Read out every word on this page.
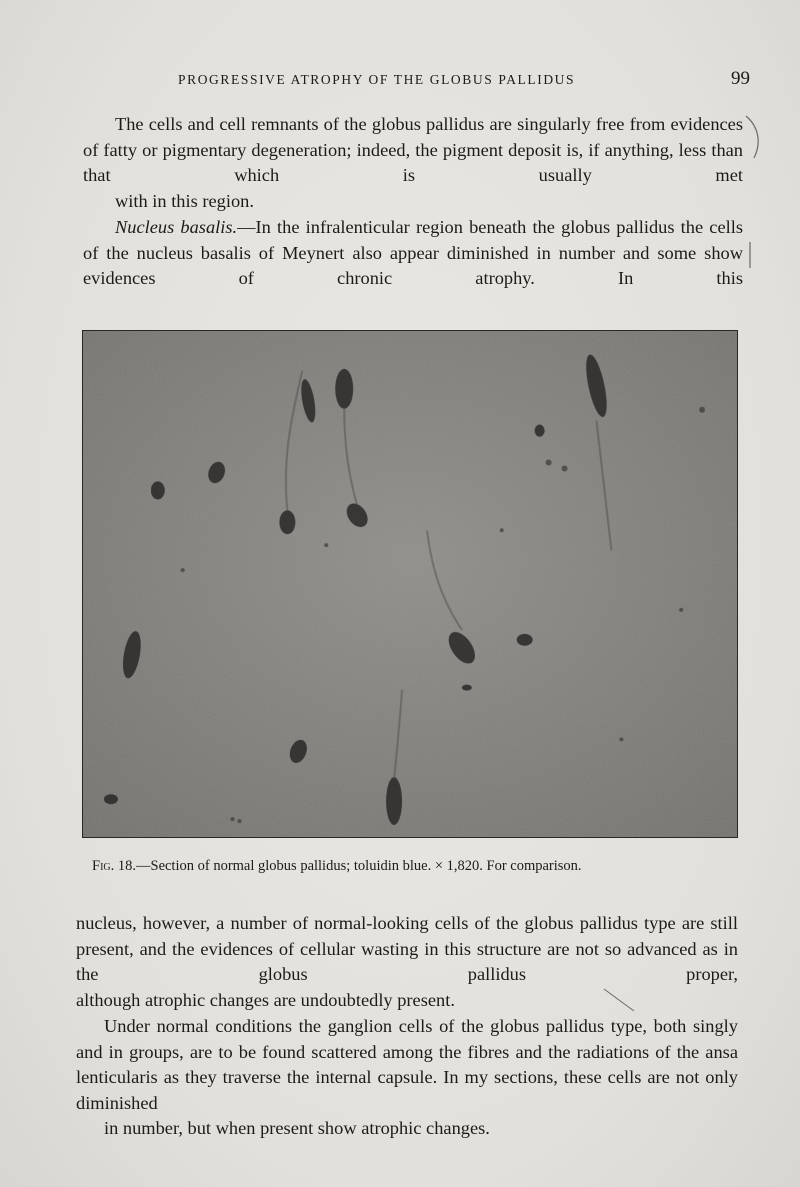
PROGRESSIVE ATROPHY OF THE GLOBUS PALLIDUS	99

The cells and cell remnants of the globus pallidus are singularly free from evidences of fatty or pigmentary degeneration; indeed, the pigment deposit is, if anything, less than that which is usually met
with in this region.

Nucleus basalis.—In the infralenticular region beneath the globus pallidus the cells of the nucleus basalis of Meynert also appear diminished in number and some show evidences of chronic atrophy. In this

Fig. 18.—Section of normal globus pallidus; toluidin blue. × 1,820. For comparison.

nucleus, however, a number of normal-looking cells of the globus pallidus type are still present, and the evidences of cellular wasting in this structure are not so advanced as in the globus pallidus proper,
although atrophic changes are undoubtedly present.

Under normal conditions the ganglion cells of the globus pallidus type, both singly and in groups, are to be found scattered among the fibres and the radiations of the ansa lenticularis as they traverse the internal capsule. In my sections, these cells are not only diminished
in number, but when present show atrophic changes.
